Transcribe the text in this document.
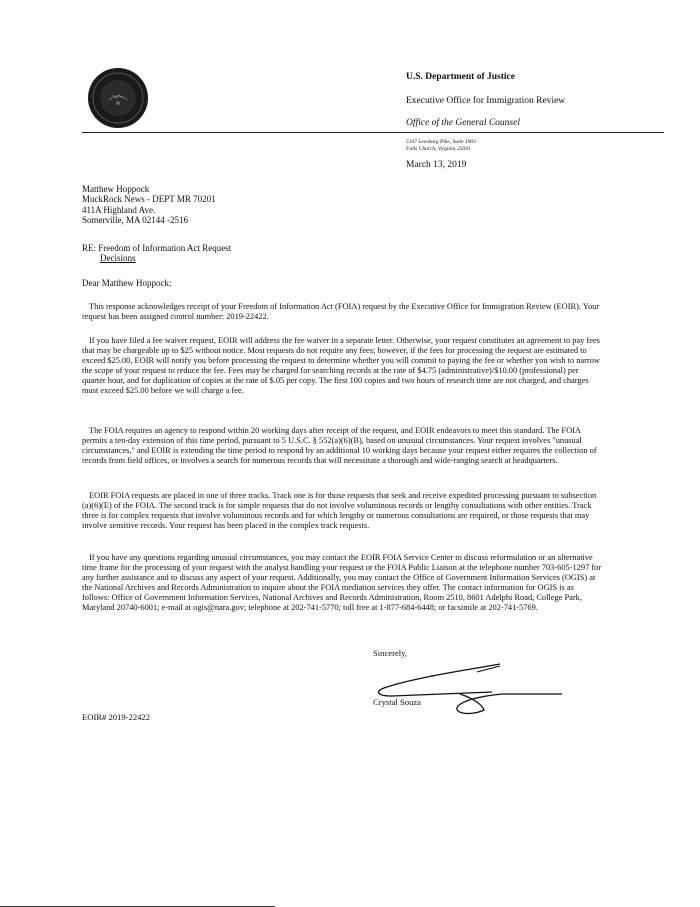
U.S. Department of Justice
Executive Office for Immigration Review
Office of the General Counsel
5107 Leesburg Pike, Suite 1903
Falls Church, Virginia 22041
March 13, 2019
Matthew Hoppock
MuckRock News - DEPT MR 70201
411A Highland Ave.
Somerville, MA 02144 -2516
RE: Freedom of Information Act Request
Decisions
Dear Matthew Hoppock:
This response acknowledges receipt of your Freedom of Information Act (FOIA) request by the Executive Office for Immigration Review (EOIR). Your request has been assigned control number: 2019-22422.
If you have filed a fee waiver request, EOIR will address the fee waiver in a separate letter. Otherwise, your request constitutes an agreement to pay fees that may be chargeable up to $25 without notice. Most requests do not require any fees; however, if the fees for processing the request are estimated to exceed $25.00, EOIR will notify you before processing the request to determine whether you will commit to paying the fee or whether you wish to narrow the scope of your request to reduce the fee. Fees may be charged for searching records at the rate of $4.75 (administrative)/$10.00 (professional) per quarter hour, and for duplication of copies at the rate of $.05 per copy. The first 100 copies and two hours of research time are not charged, and charges must exceed $25.00 before we will charge a fee.
The FOIA requires an agency to respond within 20 working days after receipt of the request, and EOIR endeavors to meet this standard. The FOIA permits a ten-day extension of this time period, pursuant to 5 U.S.C. § 552(a)(6)(B), based on unusual circumstances. Your request involves "unusual circumstances," and EOIR is extending the time period to respond by an additional 10 working days because your request either requires the collection of records from field offices, or involves a search for numerous records that will necessitate a thorough and wide-ranging search at headquarters.
EOIR FOIA requests are placed in one of three tracks. Track one is for those requests that seek and receive expedited processing pursuant to subsection (a)(6)(E) of the FOIA. The second track is for simple requests that do not involve voluminous records or lengthy consultations with other entities. Track three is for complex requests that involve voluminous records and for which lengthy or numerous consultations are required, or those requests that may involve sensitive records. Your request has been placed in the complex track requests.
If you have any questions regarding unusual circumstances, you may contact the EOIR FOIA Service Center to discuss reformulation or an alternative time frame for the processing of your request with the analyst handling your request or the FOIA Public Liaison at the telephone number 703-605-1297 for any further assistance and to discuss any aspect of your request. Additionally, you may contact the Office of Government Information Services (OGIS) at the National Archives and Records Administration to inquire about the FOIA mediation services they offer. The contact information for OGIS is as follows: Office of Government Information Services, National Archives and Records Administration, Room 2510, 8601 Adelphi Road, College Park, Maryland 20740-6001; e-mail at ogis@nara.gov; telephone at 202-741-5770; toll free at 1-877-684-6448; or facsimile at 202-741-5769.
Sincerely,
Crystal Souza
EOIR# 2019-22422
